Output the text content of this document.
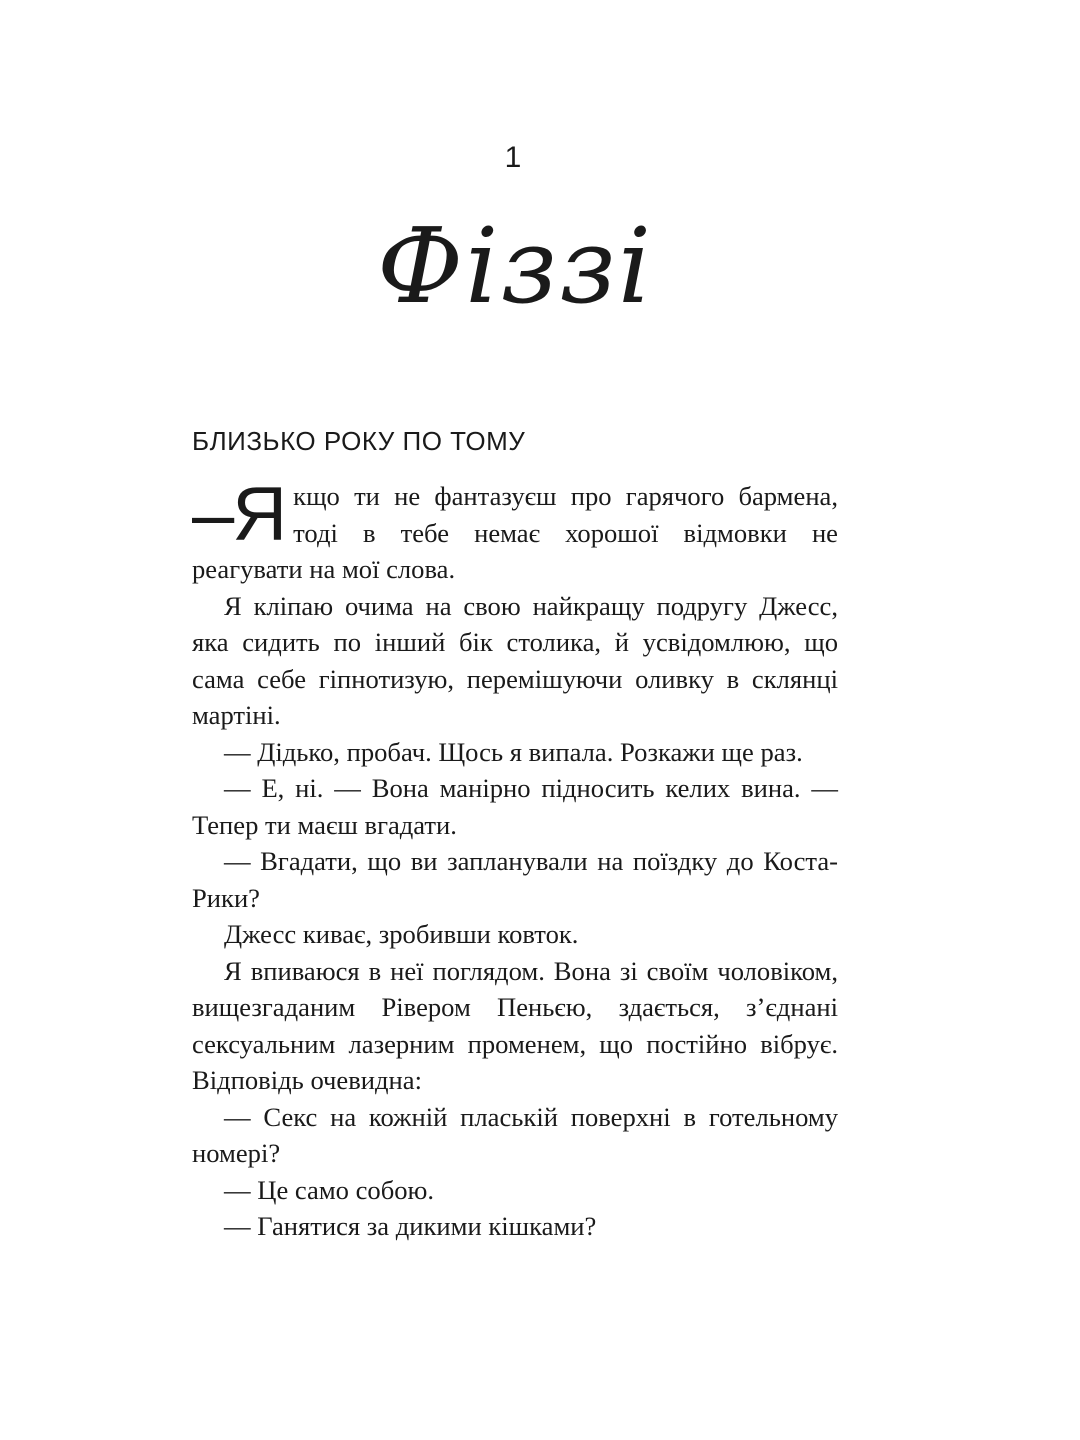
1
Фіззі
БЛИЗЬКО РОКУ ПО ТОМУ

–Я кщо ти не фантазуєш про гарячого бармена, тоді в тебе немає хорошої відмовки не реагувати на мої слова.

Я кліпаю очима на свою найкращу подругу Джесс, яка сидить по інший бік столика, й усвідомлюю, що сама себе гіпнотизую, перемішуючи оливку в склянці мартіні.

— Дідько, пробач. Щось я випала. Розкажи ще раз.

— Е, ні. — Вона манірно підносить келих вина. — Тепер ти маєш вгадати.

— Вгадати, що ви запланували на поїздку до Коста-Рики?

Джесс киває, зробивши ковток.

Я впиваюся в неї поглядом. Вона зі своїм чоловіком, вищезгаданим Рівером Пеньєю, здається, з’єднані сексуальним лазерним променем, що постійно вібрує. Відповідь очевидна:

— Секс на кожній плаській поверхні в готельному номері?

— Це само собою.

— Ганятися за дикими кішками?
